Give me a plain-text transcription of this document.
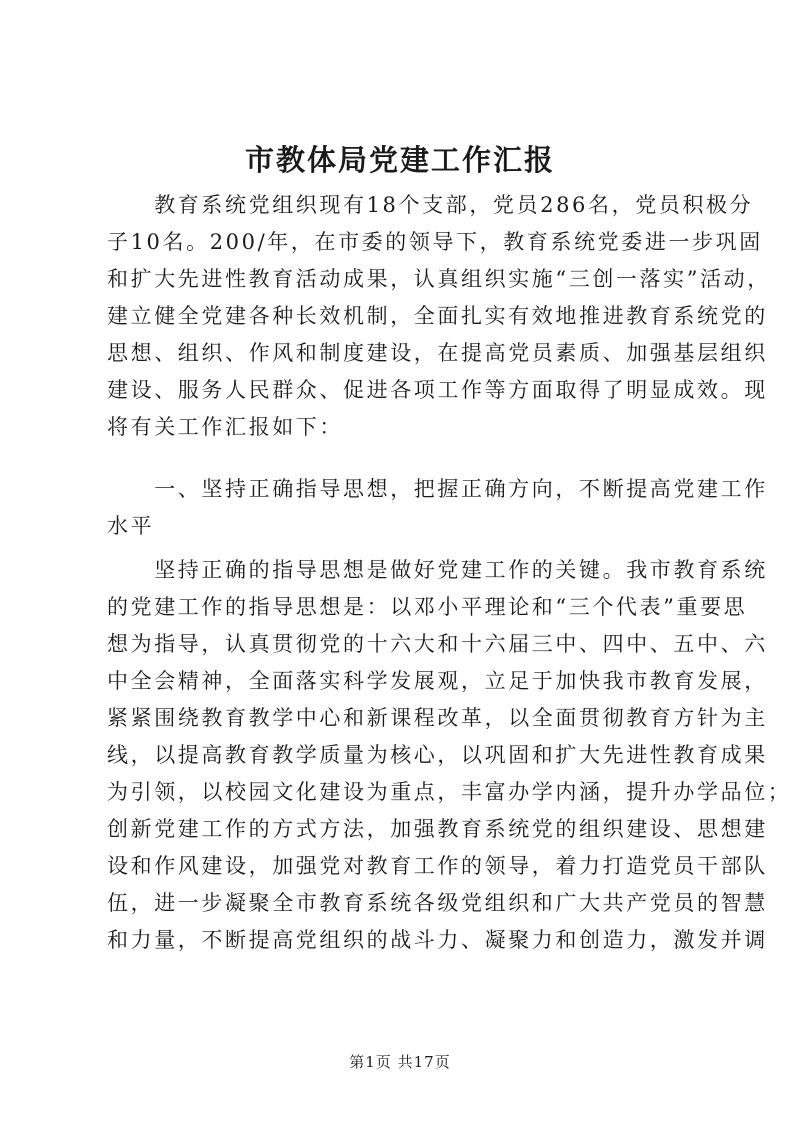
市教体局党建工作汇报
　　教育系统党组织现有18个支部，党员286名，党员积极分
子10名。200/年，在市委的领导下，教育系统党委进一步巩固
和扩大先进性教育活动成果，认真组织实施“三创一落实”活动，
建立健全党建各种长效机制，全面扎实有效地推进教育系统党的
思想、组织、作风和制度建设，在提高党员素质、加强基层组织
建设、服务人民群众、促进各项工作等方面取得了明显成效。现
将有关工作汇报如下：
　　一、坚持正确指导思想，把握正确方向，不断提高党建工作
水平
　　坚持正确的指导思想是做好党建工作的关键。我市教育系统
的党建工作的指导思想是：以邓小平理论和“三个代表”重要思
想为指导，认真贯彻党的十六大和十六届三中、四中、五中、六
中全会精神，全面落实科学发展观，立足于加快我市教育发展，
紧紧围绕教育教学中心和新课程改革，以全面贯彻教育方针为主
线，以提高教育教学质量为核心，以巩固和扩大先进性教育成果
为引领，以校园文化建设为重点，丰富办学内涵，提升办学品位；
创新党建工作的方式方法，加强教育系统党的组织建设、思想建
设和作风建设，加强党对教育工作的领导，着力打造党员干部队
伍，进一步凝聚全市教育系统各级党组织和广大共产党员的智慧
和力量，不断提高党组织的战斗力、凝聚力和创造力，激发并调
第1页 共17页
